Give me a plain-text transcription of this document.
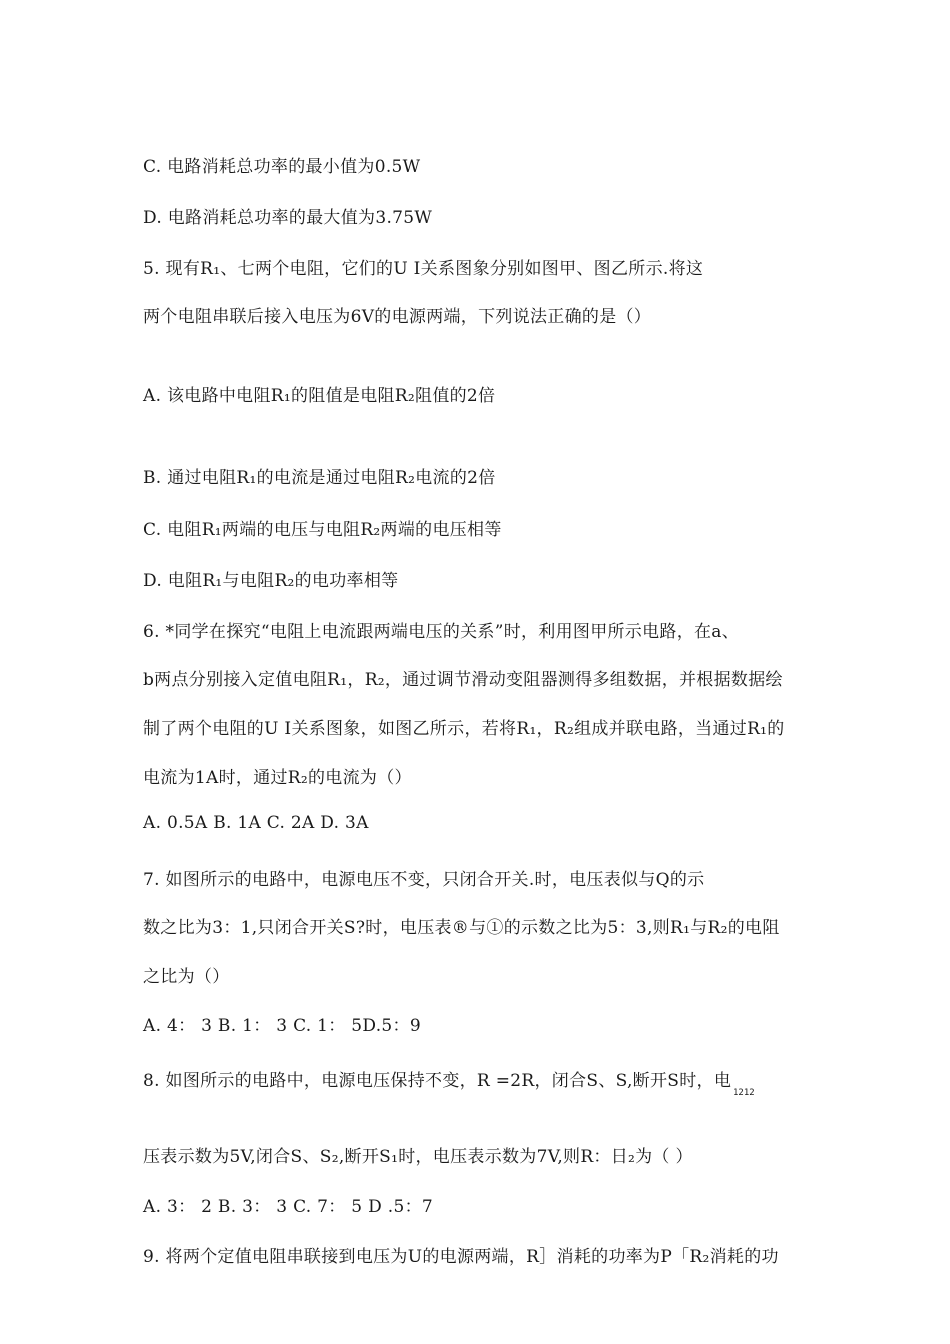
C. 电路消耗总功率的最小值为0.5W
D. 电路消耗总功率的最大值为3.75W
5. 现有R₁、七两个电阻，它们的U I关系图象分别如图甲、图乙所示.将这
两个电阻串联后接入电压为6V的电源两端，下列说法正确的是（）
A. 该电路中电阻R₁的阻值是电阻R₂阻值的2倍
B. 通过电阻R₁的电流是通过电阻R₂电流的2倍
C. 电阻R₁两端的电压与电阻R₂两端的电压相等
D. 电阻R₁与电阻R₂的电功率相等
6. *同学在探究“电阻上电流跟两端电压的关系”时，利用图甲所示电路，在a、
b两点分别接入定值电阻R₁，R₂，通过调节滑动变阻器测得多组数据，并根据数据绘
制了两个电阻的U I关系图象，如图乙所示，若将R₁，R₂组成并联电路，当通过R₁的
电流为1A时，通过R₂的电流为（）
A. 0.5A B. 1A C. 2A D. 3A
7. 如图所示的电路中，电源电压不变，只闭合开关.时，电压表似与Q的示
数之比为3：1,只闭合开关S?时，电压表®与①的示数之比为5：3,则R₁与R₂的电阻
之比为（）
A. 4： 3 B. 1： 3 C. 1： 5D.5：9
8. 如图所示的电路中，电源电压保持不变，R =2R，闭合S、S,断开S时，电
1212
压表示数为5V,闭合S、S₂,断开S₁时，电压表示数为7V,则R：日₂为（ ）
A. 3： 2 B. 3： 3 C. 7： 5 D .5：7
9. 将两个定值电阻串联接到电压为U的电源两端，R］消耗的功率为P「R₂消耗的功
